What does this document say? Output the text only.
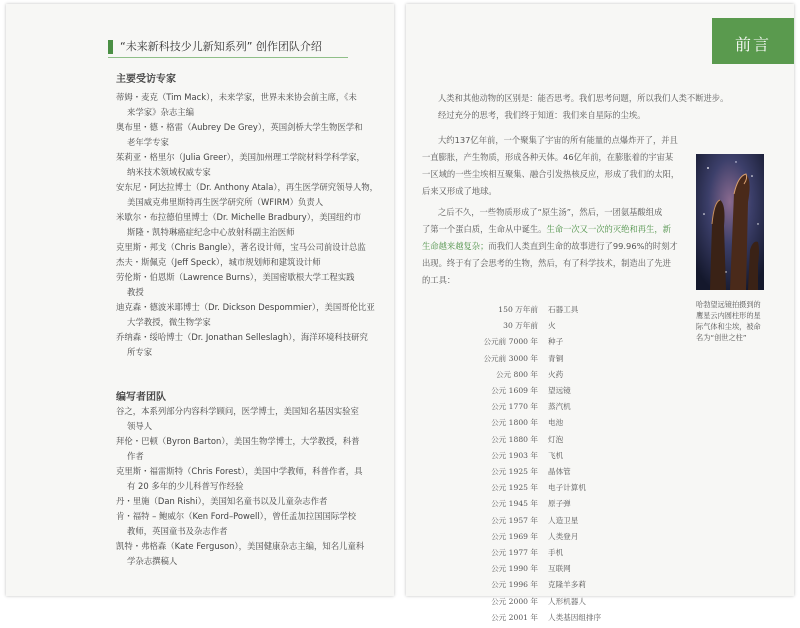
“未来新科技少儿新知系列” 创作团队介绍
主要受访专家
蒂姆・麦克（Tim Mack），未来学家，世界未来协会前主席，《未
来学家》杂志主编
奥布里・德・格雷（Aubrey De Grey），英国剑桥大学生物医学和
老年学专家
茱莉亚・格里尔（Julia Greer），美国加州理工学院材料学科学家，
纳米技术领域权威专家
安东尼・阿达拉博士（Dr. Anthony Atala），再生医学研究领导人物，
美国威克弗里斯特再生医学研究所（WFIRM）负责人
米歇尔・布拉德伯里博士（Dr. Michelle Bradbury），美国纽约市
斯隆・凯特琳癌症纪念中心放射科副主治医师
克里斯・邦戈（Chris Bangle），著名设计师，宝马公司前设计总监
杰夫・斯佩克（Jeff Speck），城市规划师和建筑设计师
劳伦斯・伯恩斯（Lawrence Burns），美国密歇根大学工程实践
教授
迪克森・德波米耶博士（Dr. Dickson Despommier），美国哥伦比亚
大学教授，微生物学家
乔纳森・绥哈博士（Dr. Jonathan Selleslagh），海洋环境科技研究
所专家
编写者团队
谷之，本系列部分内容科学顾问，医学博士，美国知名基因实验室
领导人
拜伦・巴顿（Byron Barton），美国生物学博士，大学教授，科普
作者
克里斯・福雷斯特（Chris Forest），美国中学教师，科普作者，具
有 20 多年的少儿科普写作经验
丹・里施（Dan Rishi），美国知名童书以及儿童杂志作者
肯・福特 – 鲍威尔（Ken Ford–Powell），曾任孟加拉国国际学校
教师，英国童书及杂志作者
凯特・弗格森（Kate Ferguson），美国健康杂志主编，知名儿童科
学杂志撰稿人
前言
人类和其他动物的区别是：能否思考。我们思考问题，所以我们人类不断进步。
经过充分的思考，我们终于知道：我们来自星际的尘埃。
大约137亿年前，一个聚集了宇宙的所有能量的点爆炸开了，并且
一直膨胀，产生物质，形成各种天体。46亿年前，在膨胀着的宇宙某
一区域的一些尘埃相互聚集、融合引发热核反应，形成了我们的太阳，
后来又形成了地球。
之后不久，一些物质形成了“原生汤”，然后，一团氨基酸组成
了第一个蛋白质，生命从中诞生。生命一次又一次的灭绝和再生，新
生命越来越复杂；而我们人类直到生命的故事进行了99.96%的时刻才
出现。终于有了会思考的生物，然后，有了科学技术，制造出了先进
的工具：
哈勃望远镜拍摄到的
鹰星云内圆柱形的星
际气体和尘埃，被命
名为“创世之柱”
150 万年前 石器工具
30 万年前 火
公元前 7000 年 种子
公元前 3000 年 青铜
公元 800 年 火药
公元 1609 年 望远镜
公元 1770 年 蒸汽机
公元 1800 年 电池
公元 1880 年 灯泡
公元 1903 年 飞机
公元 1925 年 晶体管
公元 1925 年 电子计算机
公元 1945 年 原子弹
公元 1957 年 人造卫星
公元 1969 年 人类登月
公元 1977 年 手机
公元 1990 年 互联网
公元 1996 年 克隆羊多莉
公元 2000 年 人形机器人
公元 2001 年 人类基因组排序
